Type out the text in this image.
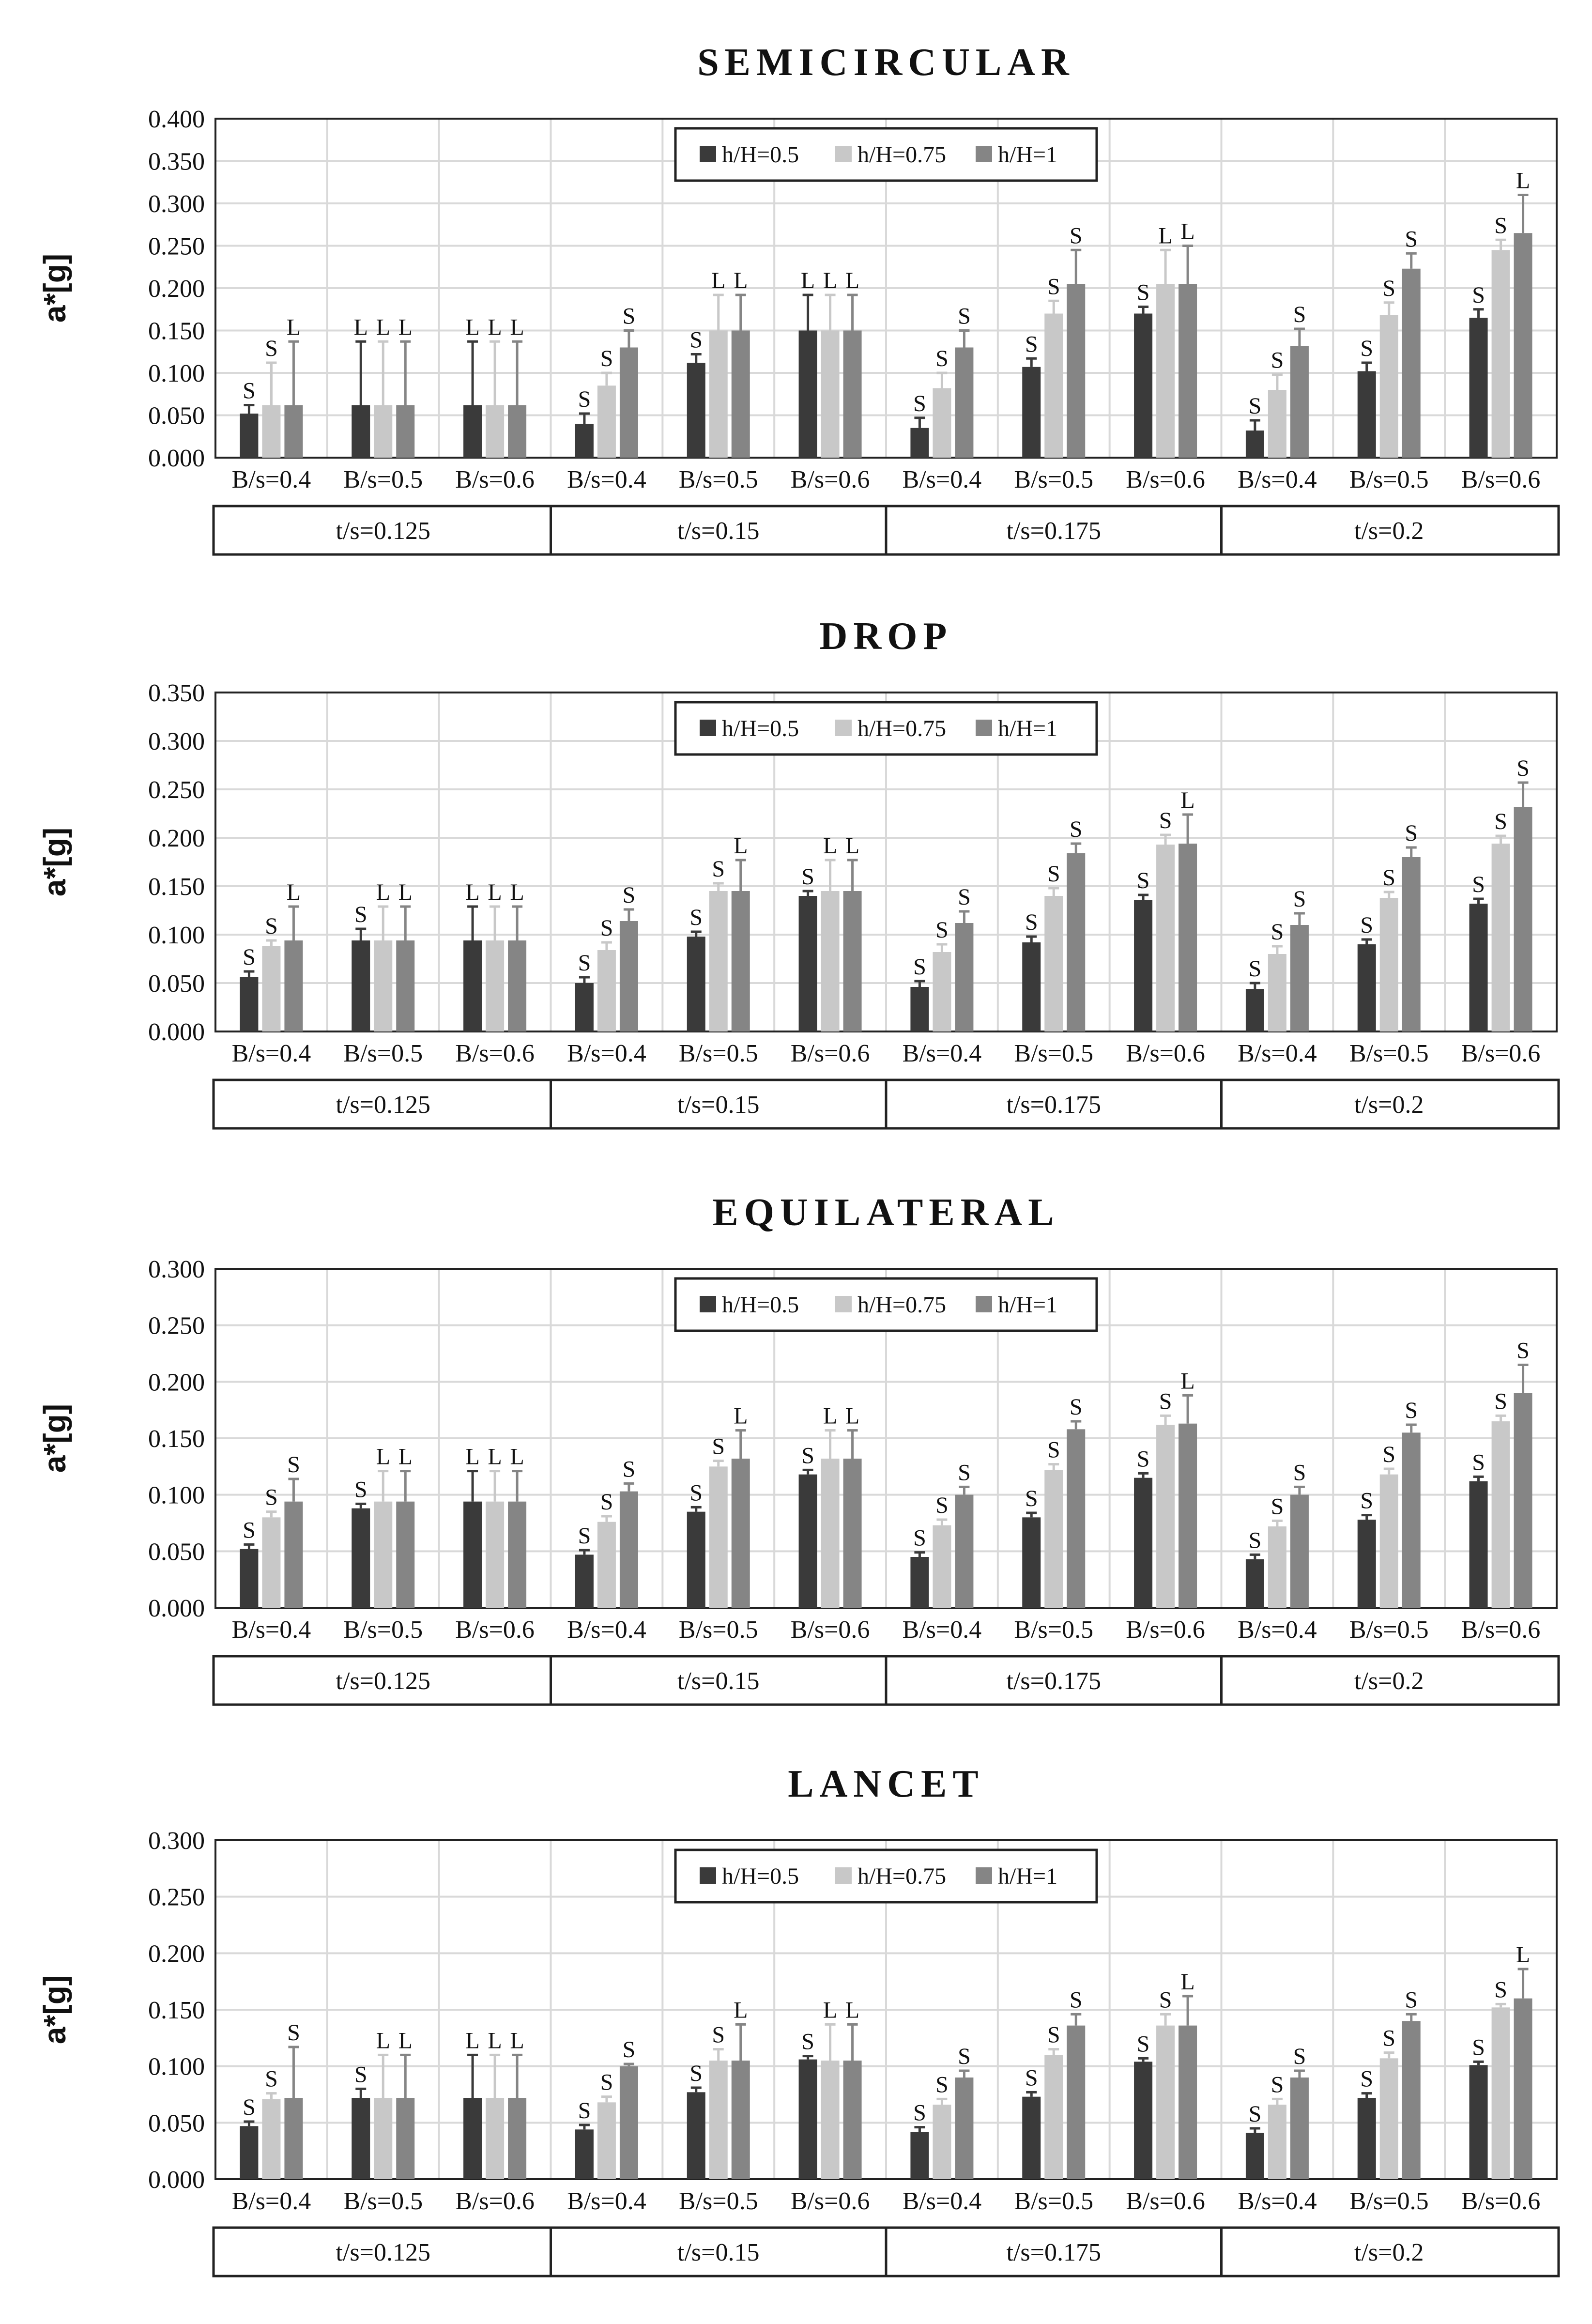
SEMICIRCULAR
a*[g]
0.000
0.050
0.100
0.150
0.200
0.250
0.300
0.350
0.400
S
L	L
S
S
L
S
S
S
S
S
S
S
L	L
S
L	L
S
S
L
S
S
S
L	L	L	S
L	L
S
S	L
S
S
L
B/s=0.4 B/s=0.5 B/s=0.6 B/s=0.4 B/s=0.5 B/s=0.6 B/s=0.4 B/s=0.5 B/s=0.6 B/s=0.4 B/s=0.5 B/s=0.6
t/s=0.125	t/s=0.15	t/s=0.175	t/s=0.2
h/H=0.5	h/H=0.75 h/H=1
DROP
a*[g]
0.000
0.050
0.100
0.150
0.200
0.250
0.300
0.350
S
S
L
S
S
S
S
S
S
S
S
S
S
L	L
S
S
L
S
S
S
S
S
S
L	L	L	S
L	L
S
S
L
S
S
S
B/s=0.4 B/s=0.5 B/s=0.6 B/s=0.4 B/s=0.5 B/s=0.6 B/s=0.4 B/s=0.5 B/s=0.6 B/s=0.4 B/s=0.5 B/s=0.6
t/s=0.125	t/s=0.15	t/s=0.175	t/s=0.2
h/H=0.5	h/H=0.75 h/H=1
EQUILATERAL
a*[g]
0.000
0.050
0.100
0.150
0.200
0.250
0.300
S
S
L
S
S
S
S
S
S
S
S
S
S
L	L
S
S
L
S
S
S
S
S
S
S	L	L	S
L	L
S
S
L
S
S
S
B/s=0.4 B/s=0.5 B/s=0.6 B/s=0.4 B/s=0.5 B/s=0.6 B/s=0.4 B/s=0.5 B/s=0.6 B/s=0.4 B/s=0.5 B/s=0.6
t/s=0.125	t/s=0.15	t/s=0.175	t/s=0.2
h/H=0.5	h/H=0.75 h/H=1
LANCET
a*[g]
0.000
0.050
0.100
0.150
0.200
0.250
0.300
S
S
L
S
S
S
S
S
S
S
S
S
S
L	L
S
S
L
S
S
S
S
S
S
S	L	L	S
L	L
S
S
L
S
S
L
B/s=0.4 B/s=0.5 B/s=0.6 B/s=0.4 B/s=0.5 B/s=0.6 B/s=0.4 B/s=0.5 B/s=0.6 B/s=0.4 B/s=0.5 B/s=0.6
t/s=0.125	t/s=0.15	t/s=0.175	t/s=0.2
h/H=0.5	h/H=0.75 h/H=1
